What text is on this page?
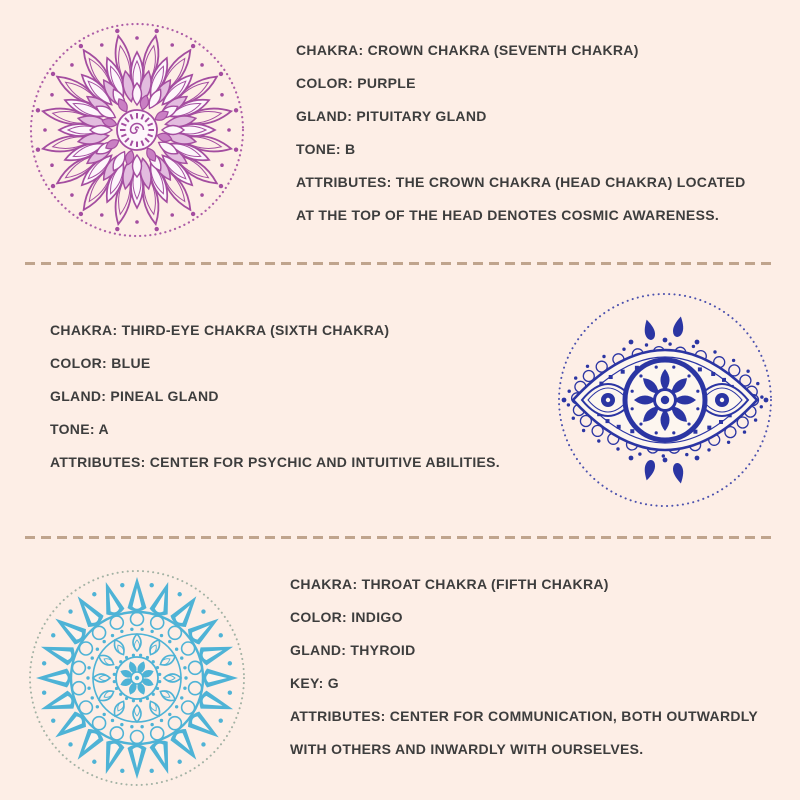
CHAKRA: CROWN CHAKRA (SEVENTH CHAKRA)

COLOR: PURPLE

GLAND: PITUITARY GLAND

TONE: B

ATTRIBUTES: THE CROWN CHAKRA (HEAD CHAKRA) LOCATED

AT THE TOP OF THE HEAD DENOTES COSMIC AWARENESS.

CHAKRA: THIRD-EYE CHAKRA (SIXTH CHAKRA)

COLOR: BLUE

GLAND: PINEAL GLAND

TONE: A

ATTRIBUTES: CENTER FOR PSYCHIC AND INTUITIVE ABILITIES.

CHAKRA: THROAT CHAKRA (FIFTH CHAKRA)

COLOR: INDIGO

GLAND: THYROID

KEY: G

ATTRIBUTES: CENTER FOR COMMUNICATION, BOTH OUTWARDLY

WITH OTHERS AND INWARDLY WITH OURSELVES.
